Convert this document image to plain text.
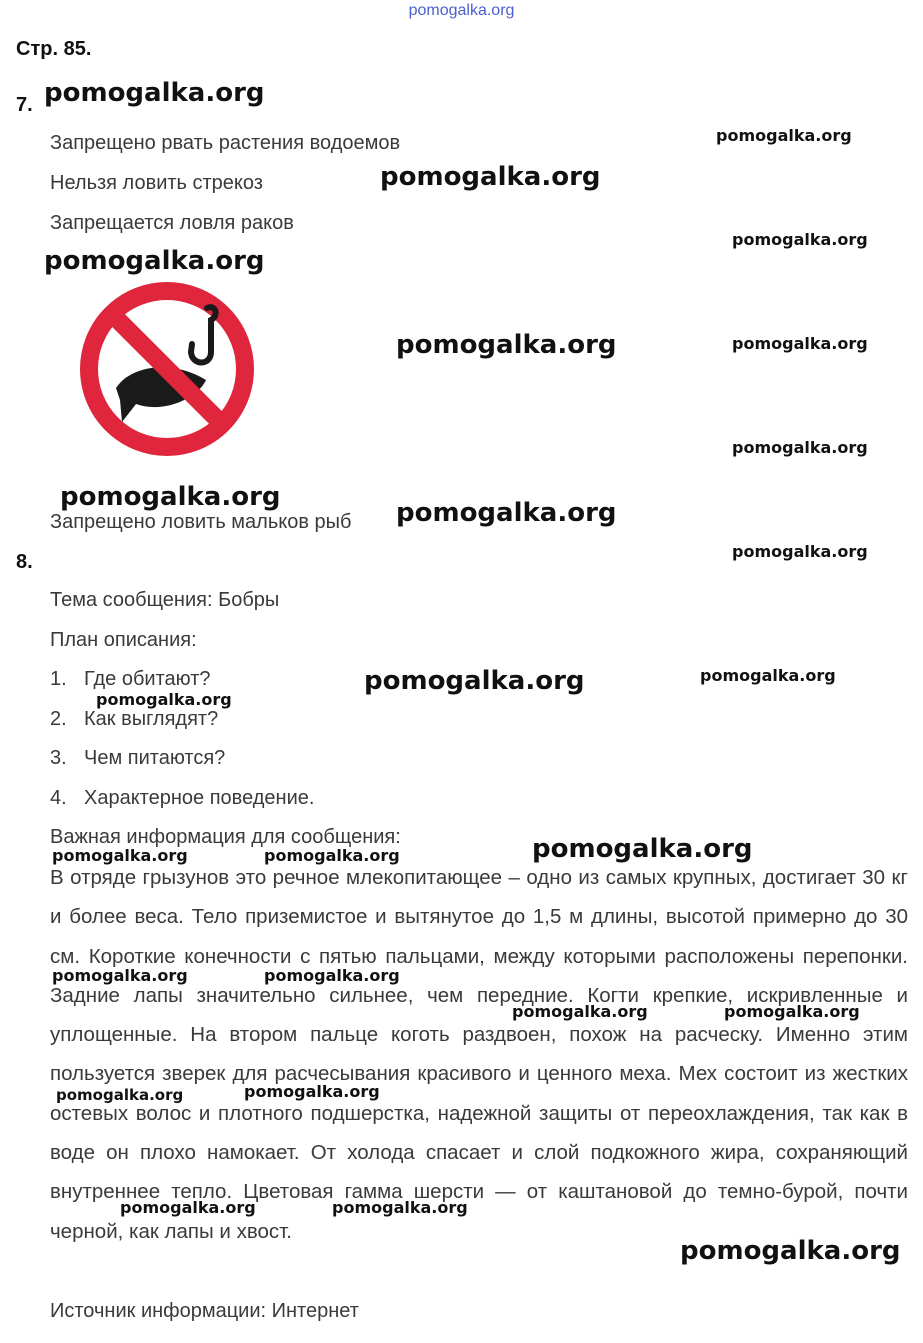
pomogalka.org
Стр. 85.
7.
Запрещено рвать растения водоемов
Нельзя ловить стрекоз
Запрещается ловля раков
Запрещено ловить мальков рыб
8.
Тема сообщения: Бобры
План описания:
1. Где обитают?
2. Как выглядят?
3. Чем питаются?
4. Характерное поведение.
Важная информация для сообщения:
В отряде грызунов это речное млекопитающее – одно из самых крупных, достигает 30 кг и более веса. Тело приземистое и вытянутое до 1,5 м длины, высотой примерно до 30 см. Короткие конечности с пятью пальцами, между которыми расположены перепонки. Задние лапы значительно сильнее, чем передние. Когти крепкие, искривленные и уплощенные. На втором пальце коготь раздвоен, похож на расческу. Именно этим пользуется зверек для расчесывания красивого и ценного меха. Мех состоит из жестких остевых волос и плотного подшерстка, надежной защиты от переохлаждения, так как в воде он плохо намокает. От холода спасает и слой подкожного жира, сохраняющий внутреннее тепло. Цветовая гамма шерсти — от каштановой до темно-бурой, почти черной, как лапы и хвост.
Источник информации: Интернет
pomogalka.org
pomogalka.org
pomogalka.org
pomogalka.org
pomogalka.org
pomogalka.org	pomogalka.org
pomogalka.org
pomogalka.org
pomogalka.org
pomogalka.org
pomogalka.org	pomogalka.org
pomogalka.org
pomogalka.org
pomogalka.org	pomogalka.org
pomogalka.org	pomogalka.org
pomogalka.org	pomogalka.org
pomogalka.org
pomogalka.org
pomogalka.org	pomogalka.org
pomogalka.org
